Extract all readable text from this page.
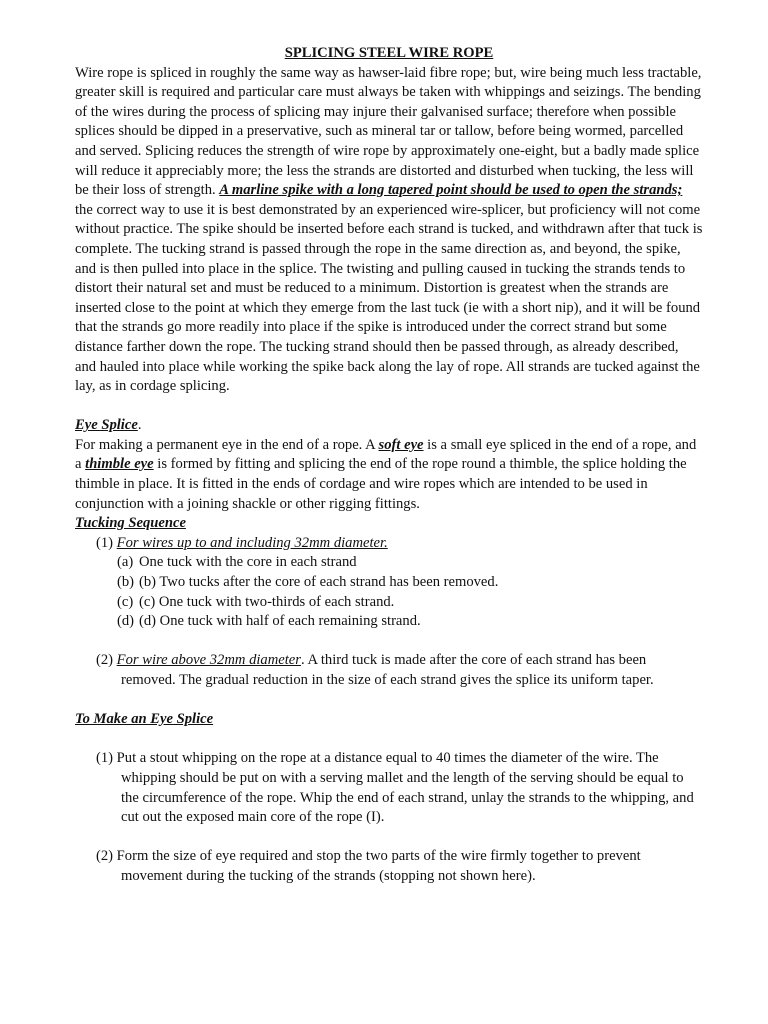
SPLICING STEEL WIRE ROPE

Wire rope is spliced in roughly the same way as hawser-laid fibre rope; but, wire being much less tractable, greater skill is required and particular care must always be taken with whippings and seizings. The bending of the wires during the process of splicing may injure their galvanised surface; therefore when possible splices should be dipped in a preservative, such as mineral tar or tallow, before being wormed, parcelled and served. Splicing reduces the strength of wire rope by approximately one-eight, but a badly made splice will reduce it appreciably more; the less the strands are distorted and disturbed when tucking, the less will be their loss of strength. A marline spike with a long tapered point should be used to open the strands; the correct way to use it is best demonstrated by an experienced wire-splicer, but proficiency will not come without practice. The spike should be inserted before each strand is tucked, and withdrawn after that tuck is complete. The tucking strand is passed through the rope in the same direction as, and beyond, the spike, and is then pulled into place in the splice. The twisting and pulling caused in tucking the strands tends to distort their natural set and must be reduced to a minimum. Distortion is greatest when the strands are inserted close to the point at which they emerge from the last tuck (ie with a short nip), and it will be found that the strands go more readily into place if the spike is introduced under the correct strand but some distance farther down the rope. The tucking strand should then be passed through, as already described, and hauled into place while working the spike back along the lay of rope. All strands are tucked against the lay, as in cordage splicing.

Eye Splice.

For making a permanent eye in the end of a rope. A soft eye is a small eye spliced in the end of a rope, and a thimble eye is formed by fitting and splicing the end of the rope round a thimble, the splice holding the thimble in place. It is fitted in the ends of cordage and wire ropes which are intended to be used in conjunction with a joining shackle or other rigging fittings.

Tucking Sequence

(1) For wires up to and including 32mm diameter.

(a) One tuck with the core in each strand

(b) (b) Two tucks after the core of each strand has been removed.

(c) (c) One tuck with two-thirds of each strand.

(d) (d) One tuck with half of each remaining strand.

(2) For wire above 32mm diameter. A third tuck is made after the core of each strand has been removed. The gradual reduction in the size of each strand gives the splice its uniform taper.

To Make an Eye Splice

(1) Put a stout whipping on the rope at a distance equal to 40 times the diameter of the wire. The whipping should be put on with a serving mallet and the length of the serving should be equal to the circumference of the rope. Whip the end of each strand, unlay the strands to the whipping, and cut out the exposed main core of the rope (I).

(2) Form the size of eye required and stop the two parts of the wire firmly together to prevent movement during the tucking of the strands (stopping not shown here).
